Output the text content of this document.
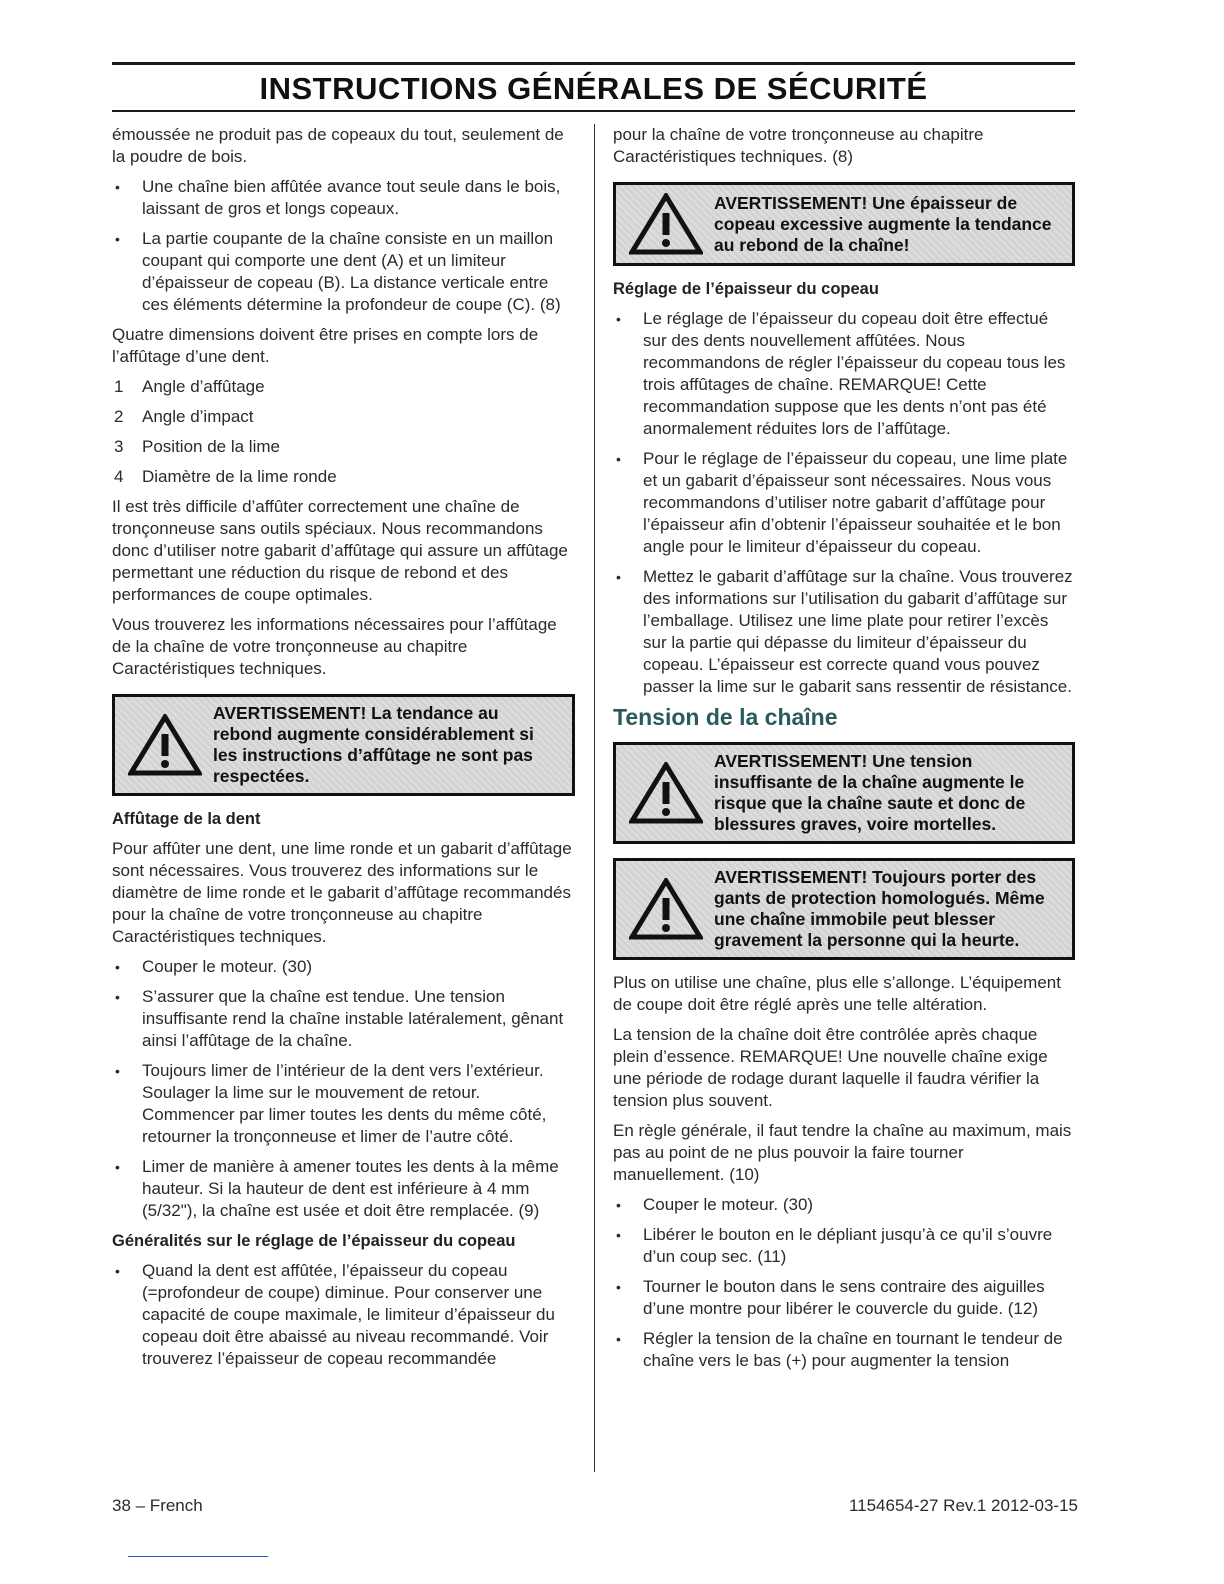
INSTRUCTIONS GÉNÉRALES DE SÉCURITÉ

émoussée ne produit pas de copeaux du tout, seulement de la poudre de bois.

• Une chaîne bien affûtée avance tout seule dans le bois, laissant de gros et longs copeaux.
• La partie coupante de la chaîne consiste en un maillon coupant qui comporte une dent (A) et un limiteur d’épaisseur de copeau (B). La distance verticale entre ces éléments détermine la profondeur de coupe (C). (8)

Quatre dimensions doivent être prises en compte lors de l’affûtage d’une dent.

1 Angle d’affûtage
2 Angle d’impact
3 Position de la lime
4 Diamètre de la lime ronde

Il est très difficile d’affûter correctement une chaîne de tronçonneuse sans outils spéciaux. Nous recommandons donc d’utiliser notre gabarit d’affûtage qui assure un affûtage permettant une réduction du risque de rebond et des performances de coupe optimales.

Vous trouverez les informations nécessaires pour l’affûtage de la chaîne de votre tronçonneuse au chapitre Caractéristiques techniques.

AVERTISSEMENT! La tendance au rebond augmente considérablement si les instructions d’affûtage ne sont pas respectées.
Affûtage de la dent

Pour affûter une dent, une lime ronde et un gabarit d’affûtage sont nécessaires. Vous trouverez des informations sur le diamètre de lime ronde et le gabarit d’affûtage recommandés pour la chaîne de votre tronçonneuse au chapitre Caractéristiques techniques.

• Couper le moteur. (30)
• S’assurer que la chaîne est tendue. Une tension insuffisante rend la chaîne instable latéralement, gênant ainsi l’affûtage de la chaîne.
• Toujours limer de l’intérieur de la dent vers l’extérieur. Soulager la lime sur le mouvement de retour. Commencer par limer toutes les dents du même côté, retourner la tronçonneuse et limer de l’autre côté.
• Limer de manière à amener toutes les dents à la même hauteur. Si la hauteur de dent est inférieure à 4 mm (5/32"), la chaîne est usée et doit être remplacée. (9)
Généralités sur le réglage de l’épaisseur du copeau
• Quand la dent est affûtée, l’épaisseur du copeau (=profondeur de coupe) diminue. Pour conserver une capacité de coupe maximale, le limiteur d’épaisseur du copeau doit être abaissé au niveau recommandé. Voir trouverez l’épaisseur de copeau recommandée

pour la chaîne de votre tronçonneuse au chapitre Caractéristiques techniques. (8)

AVERTISSEMENT! Une épaisseur de copeau excessive augmente la tendance au rebond de la chaîne!
Réglage de l’épaisseur du copeau
• Le réglage de l’épaisseur du copeau doit être effectué sur des dents nouvellement affûtées. Nous recommandons de régler l’épaisseur du copeau tous les trois affûtages de chaîne. REMARQUE! Cette recommandation suppose que les dents n’ont pas été anormalement réduites lors de l’affûtage.
• Pour le réglage de l’épaisseur du copeau, une lime plate et un gabarit d’épaisseur sont nécessaires. Nous vous recommandons d’utiliser notre gabarit d’affûtage pour l’épaisseur afin d’obtenir l’épaisseur souhaitée et le bon angle pour le limiteur d’épaisseur du copeau.
• Mettez le gabarit d’affûtage sur la chaîne. Vous trouverez des informations sur l’utilisation du gabarit d’affûtage sur l’emballage. Utilisez une lime plate pour retirer l’excès sur la partie qui dépasse du limiteur d’épaisseur du copeau. L’épaisseur est correcte quand vous pouvez passer la lime sur le gabarit sans ressentir de résistance.
Tension de la chaîne
AVERTISSEMENT! Une tension insuffisante de la chaîne augmente le risque que la chaîne saute et donc de blessures graves, voire mortelles.
AVERTISSEMENT! Toujours porter des gants de protection homologués. Même une chaîne immobile peut blesser gravement la personne qui la heurte.

Plus on utilise une chaîne, plus elle s’allonge. L’équipement de coupe doit être réglé après une telle altération.

La tension de la chaîne doit être contrôlée après chaque plein d’essence. REMARQUE! Une nouvelle chaîne exige une période de rodage durant laquelle il faudra vérifier la tension plus souvent.

En règle générale, il faut tendre la chaîne au maximum, mais pas au point de ne plus pouvoir la faire tourner manuellement. (10)

• Couper le moteur. (30)
• Libérer le bouton en le dépliant jusqu’à ce qu’il s’ouvre d’un coup sec. (11)
• Tourner le bouton dans le sens contraire des aiguilles d’une montre pour libérer le couvercle du guide. (12)
• Régler la tension de la chaîne en tournant le tendeur de chaîne vers le bas (+) pour augmenter la tension
38 – French	1154654-27 Rev.1 2012-03-15
